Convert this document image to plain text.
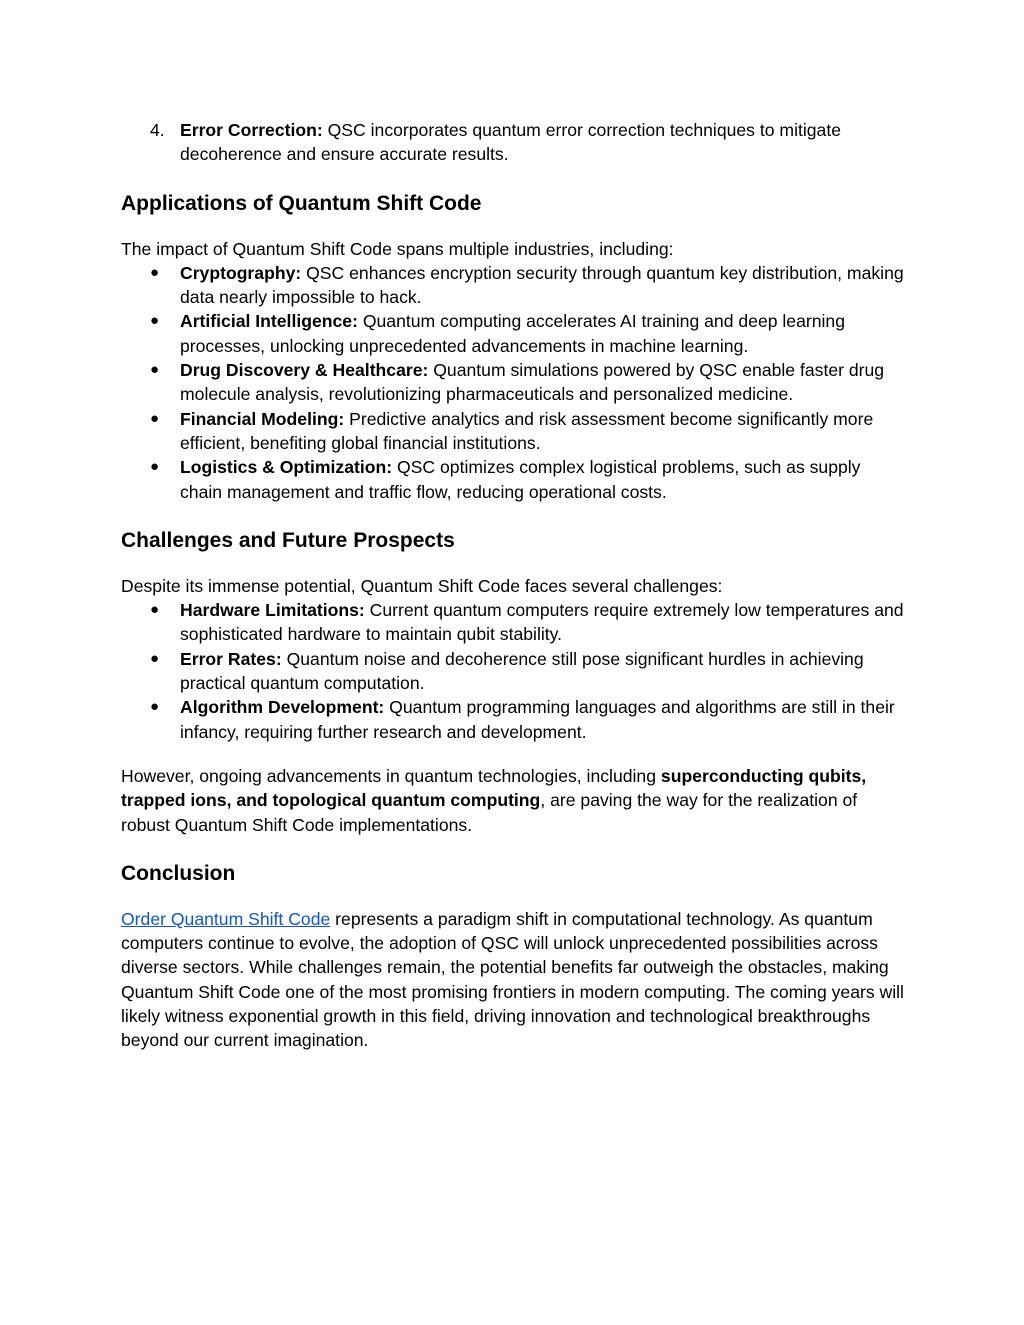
4. Error Correction: QSC incorporates quantum error correction techniques to mitigate decoherence and ensure accurate results.
Applications of Quantum Shift Code

The impact of Quantum Shift Code spans multiple industries, including:

● Cryptography: QSC enhances encryption security through quantum key distribution, making data nearly impossible to hack.
● Artificial Intelligence: Quantum computing accelerates AI training and deep learning processes, unlocking unprecedented advancements in machine learning.
● Drug Discovery & Healthcare: Quantum simulations powered by QSC enable faster drug molecule analysis, revolutionizing pharmaceuticals and personalized medicine.
● Financial Modeling: Predictive analytics and risk assessment become significantly more efficient, benefiting global financial institutions.
● Logistics & Optimization: QSC optimizes complex logistical problems, such as supply chain management and traffic flow, reducing operational costs.
Challenges and Future Prospects

Despite its immense potential, Quantum Shift Code faces several challenges:

● Hardware Limitations: Current quantum computers require extremely low temperatures and sophisticated hardware to maintain qubit stability.
● Error Rates: Quantum noise and decoherence still pose significant hurdles in achieving practical quantum computation.
● Algorithm Development: Quantum programming languages and algorithms are still in their infancy, requiring further research and development.

However, ongoing advancements in quantum technologies, including superconducting qubits, trapped ions, and topological quantum computing, are paving the way for the realization of robust Quantum Shift Code implementations.

Conclusion

Order Quantum Shift Code represents a paradigm shift in computational technology. As quantum computers continue to evolve, the adoption of QSC will unlock unprecedented possibilities across diverse sectors. While challenges remain, the potential benefits far outweigh the obstacles, making Quantum Shift Code one of the most promising frontiers in modern computing. The coming years will likely witness exponential growth in this field, driving innovation and technological breakthroughs beyond our current imagination.
